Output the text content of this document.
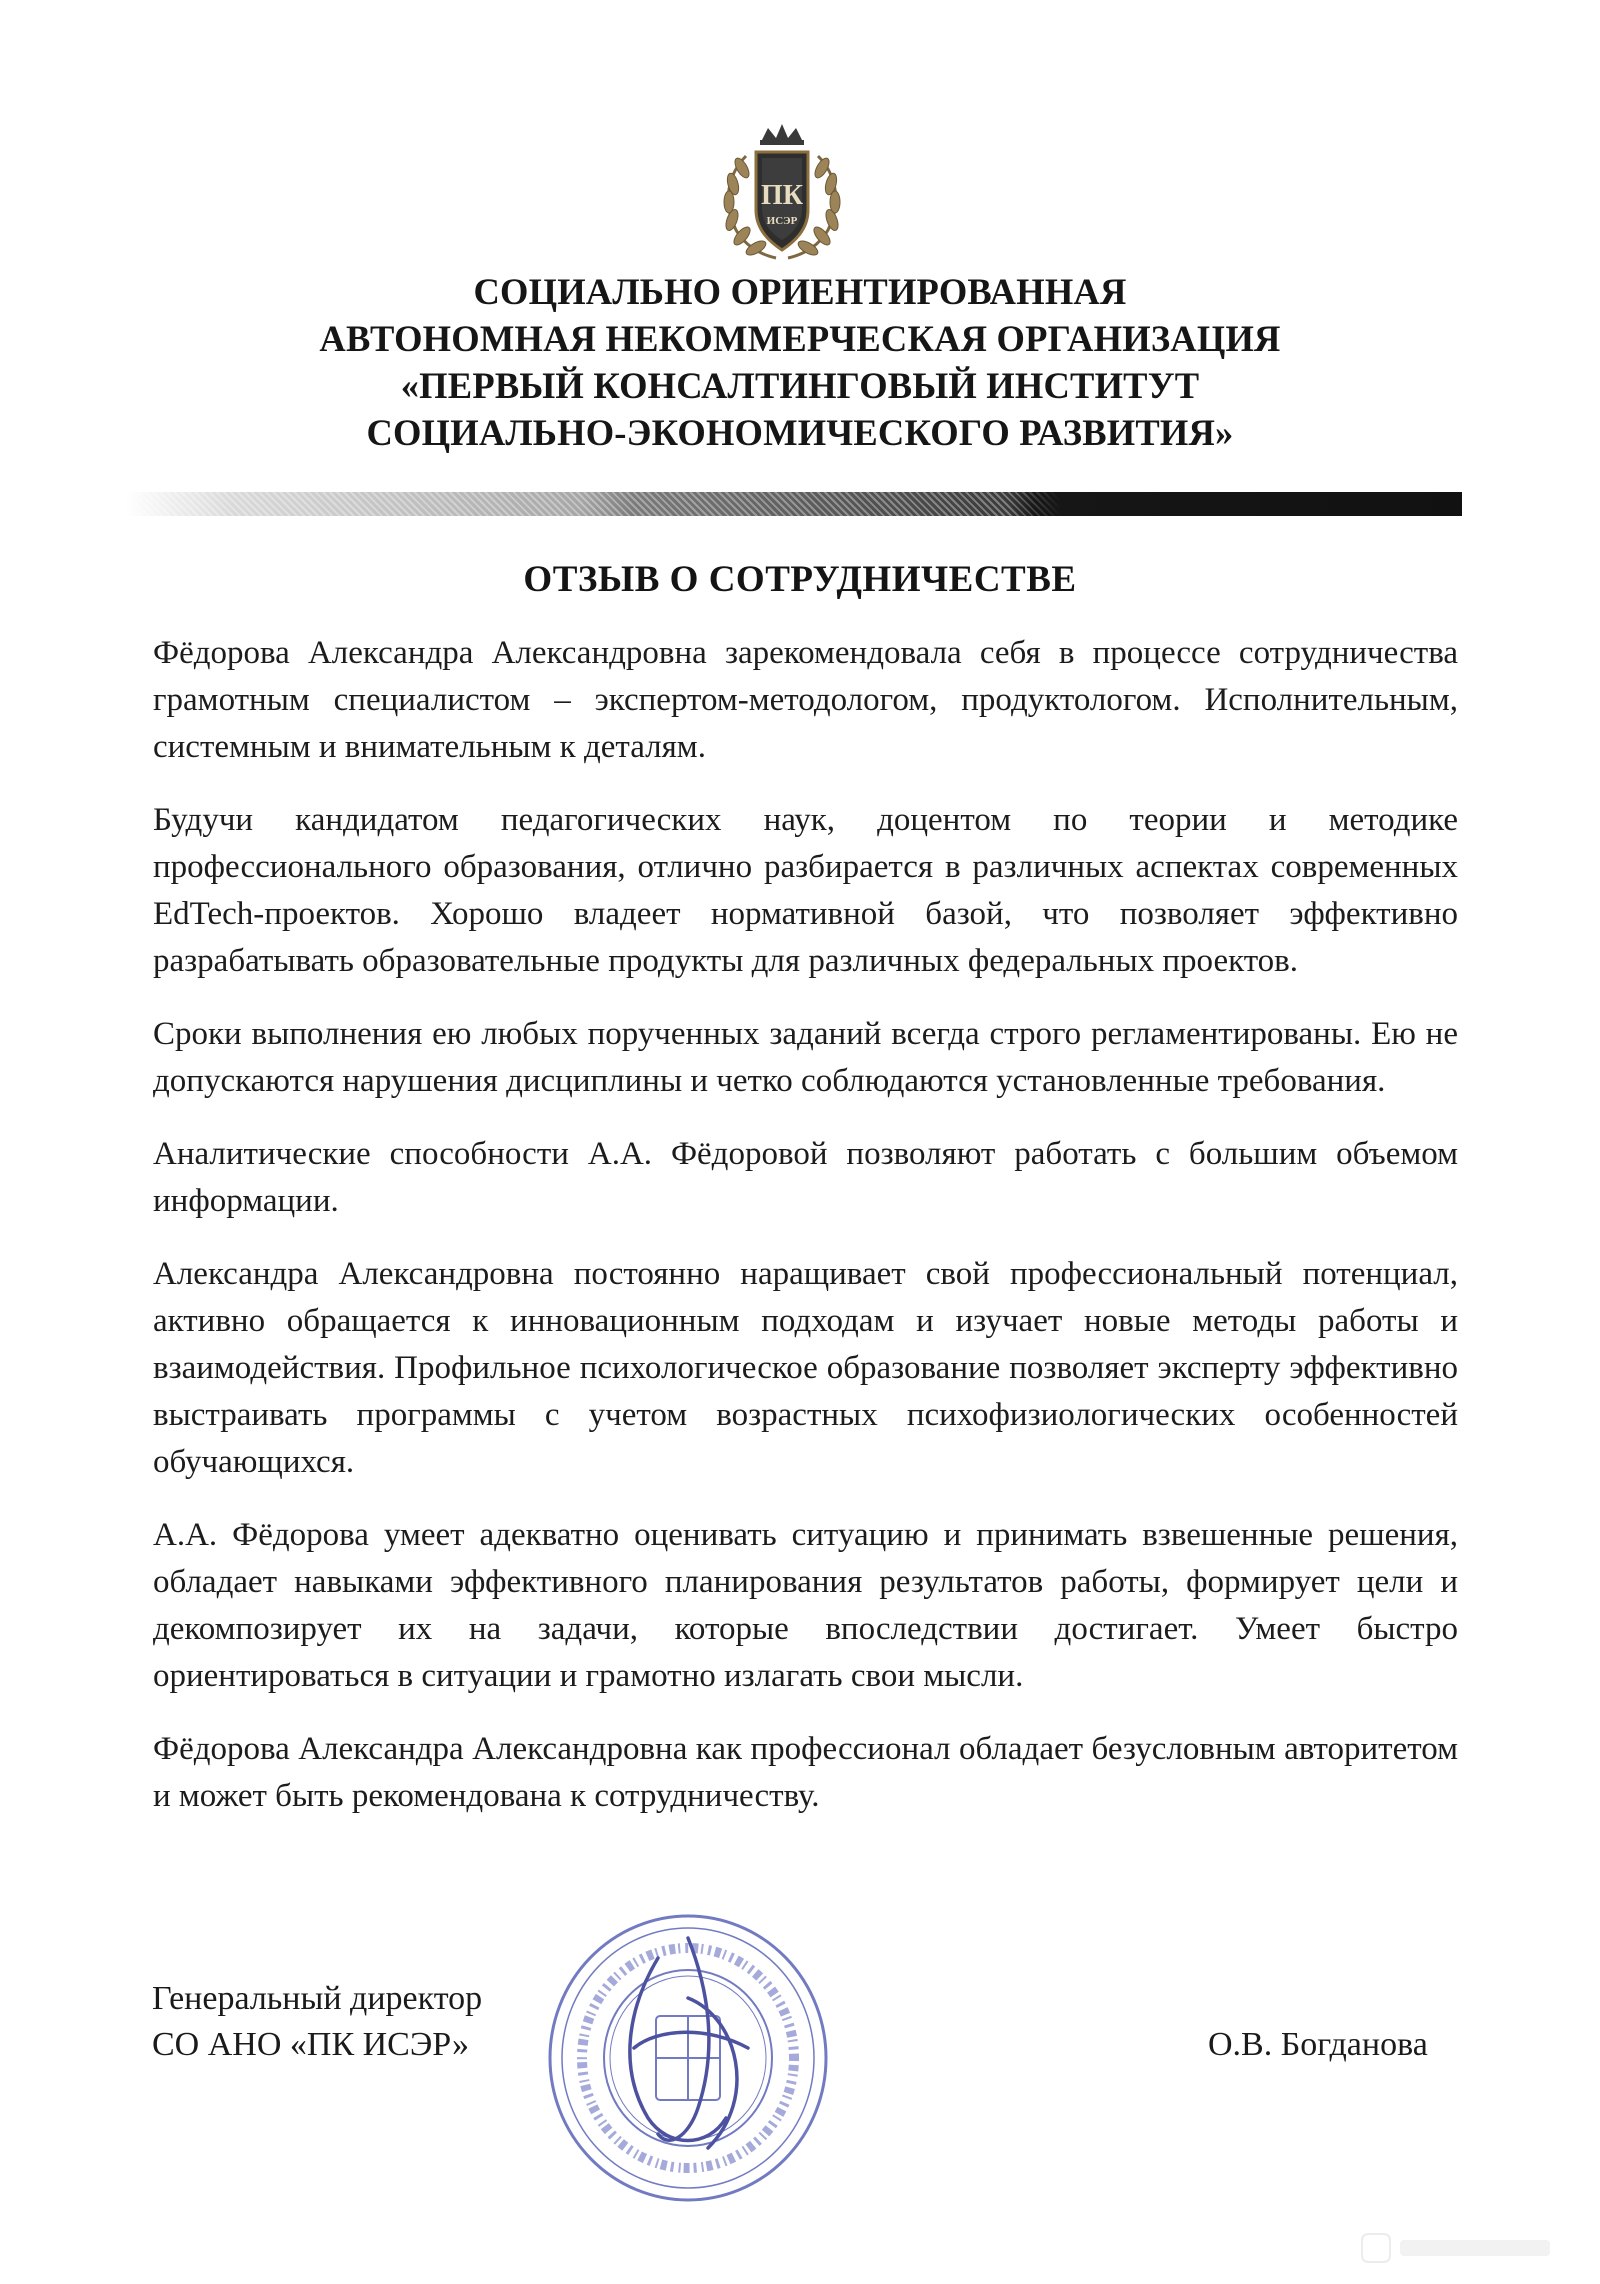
ПК
ИСЭР
СОЦИАЛЬНО ОРИЕНТИРОВАННАЯ
АВТОНОМНАЯ НЕКОММЕРЧЕСКАЯ ОРГАНИЗАЦИЯ
«ПЕРВЫЙ КОНСАЛТИНГОВЫЙ ИНСТИТУТ
СОЦИАЛЬНО-ЭКОНОМИЧЕСКОГО РАЗВИТИЯ»
ОТЗЫВ О СОТРУДНИЧЕСТВЕ

Фёдорова Александра Александровна зарекомендовала себя в процессе сотрудничества грамотным специалистом – экспертом-методологом, продуктологом. Исполнительным, системным и внимательным к деталям.

Будучи кандидатом педагогических наук, доцентом по теории и методике профессионального образования, отлично разбирается в различных аспектах современных EdTech-проектов. Хорошо владеет нормативной базой, что позволяет эффективно разрабатывать образовательные продукты для различных федеральных проектов.

Сроки выполнения ею любых порученных заданий всегда строго регламентированы. Ею не допускаются нарушения дисциплины и четко соблюдаются установленные требования.

Аналитические способности А.А. Фёдоровой позволяют работать с большим объемом информации.

Александра Александровна постоянно наращивает свой профессиональный потенциал, активно обращается к инновационным подходам и изучает новые методы работы и взаимодействия. Профильное психологическое образование позволяет эксперту эффективно выстраивать программы с учетом возрастных психофизиологических особенностей обучающихся.

А.А. Фёдорова умеет адекватно оценивать ситуацию и принимать взвешенные решения, обладает навыками эффективного планирования результатов работы, формирует цели и декомпозирует их на задачи, которые впоследствии достигает. Умеет быстро ориентироваться в ситуации и грамотно излагать свои мысли.

Фёдорова Александра Александровна как профессионал обладает безусловным авторитетом и может быть рекомендована к сотрудничеству.

Генеральный директор
СО АНО «ПК ИСЭР»	О.В. Богданова
